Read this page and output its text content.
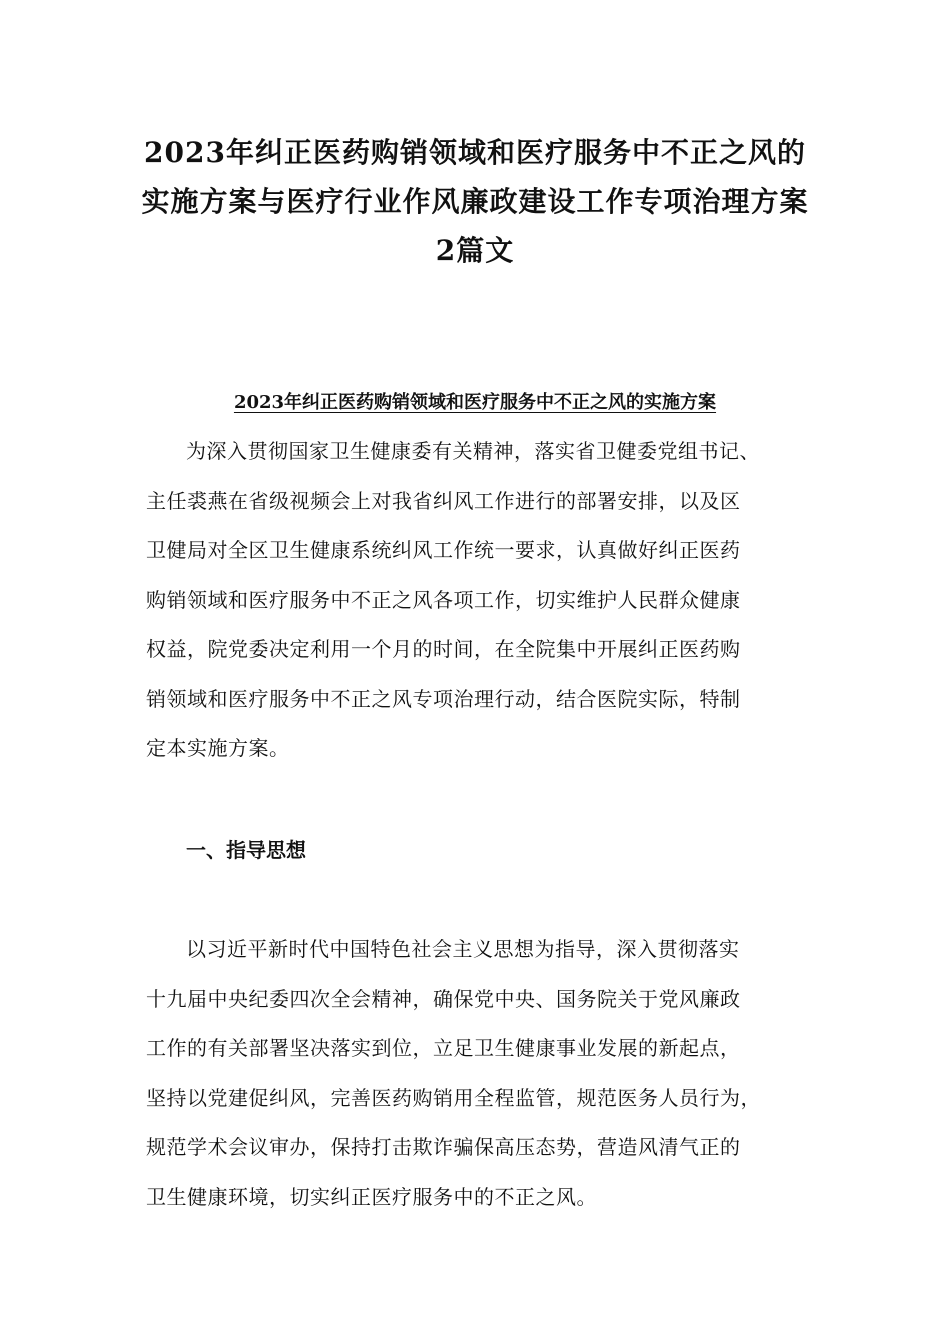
2023年纠正医药购销领域和医疗服务中不正之风的
实施方案与医疗行业作风廉政建设工作专项治理方案
2篇文
2023年纠正医药购销领域和医疗服务中不正之风的实施方案
为深入贯彻国家卫生健康委有关精神，落实省卫健委党组书记、
主任裘燕在省级视频会上对我省纠风工作进行的部署安排，以及区
卫健局对全区卫生健康系统纠风工作统一要求，认真做好纠正医药
购销领域和医疗服务中不正之风各项工作，切实维护人民群众健康
权益，院党委决定利用一个月的时间，在全院集中开展纠正医药购
销领域和医疗服务中不正之风专项治理行动，结合医院实际，特制
定本实施方案。
一、指导思想
以习近平新时代中国特色社会主义思想为指导，深入贯彻落实
十九届中央纪委四次全会精神，确保党中央、国务院关于党风廉政
工作的有关部署坚决落实到位，立足卫生健康事业发展的新起点，
坚持以党建促纠风，完善医药购销用全程监管，规范医务人员行为，
规范学术会议审办，保持打击欺诈骗保高压态势，营造风清气正的
卫生健康环境，切实纠正医疗服务中的不正之风。
